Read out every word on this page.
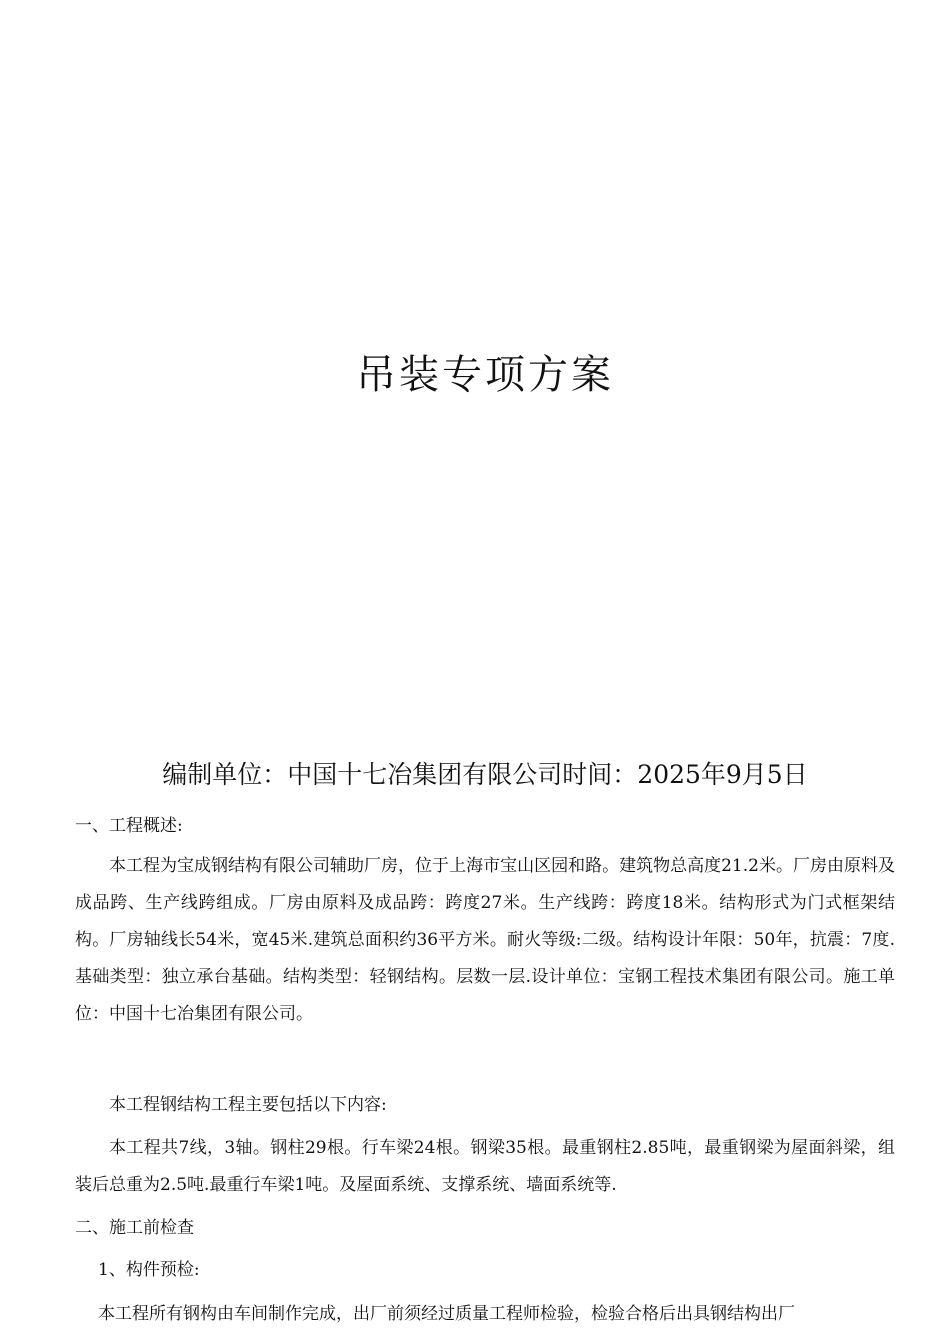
吊装专项方案

编制单位：中国十七冶集团有限公司时间：2025年9月5日

一、工程概述:

本工程为宝成钢结构有限公司辅助厂房，位于上海市宝山区园和路。建筑物总高度21.2米。厂房由原料及成品跨、生产线跨组成。厂房由原料及成品跨：跨度27米。生产线跨：跨度18米。结构形式为门式框架结构。厂房轴线长54米，宽45米.建筑总面积约36平方米。耐火等级:二级。结构设计年限：50年，抗震：7度.基础类型：独立承台基础。结构类型：轻钢结构。层数一层.设计单位：宝钢工程技术集团有限公司。施工单位：中国十七冶集团有限公司。

本工程钢结构工程主要包括以下内容:

本工程共7线，3轴。钢柱29根。行车梁24根。钢梁35根。最重钢柱2.85吨，最重钢梁为屋面斜梁，组装后总重为2.5吨.最重行车梁1吨。及屋面系统、支撑系统、墙面系统等.

二、施工前检查
1、构件预检:

本工程所有钢构由车间制作完成，出厂前须经过质量工程师检验，检验合格后出具钢结构出厂
